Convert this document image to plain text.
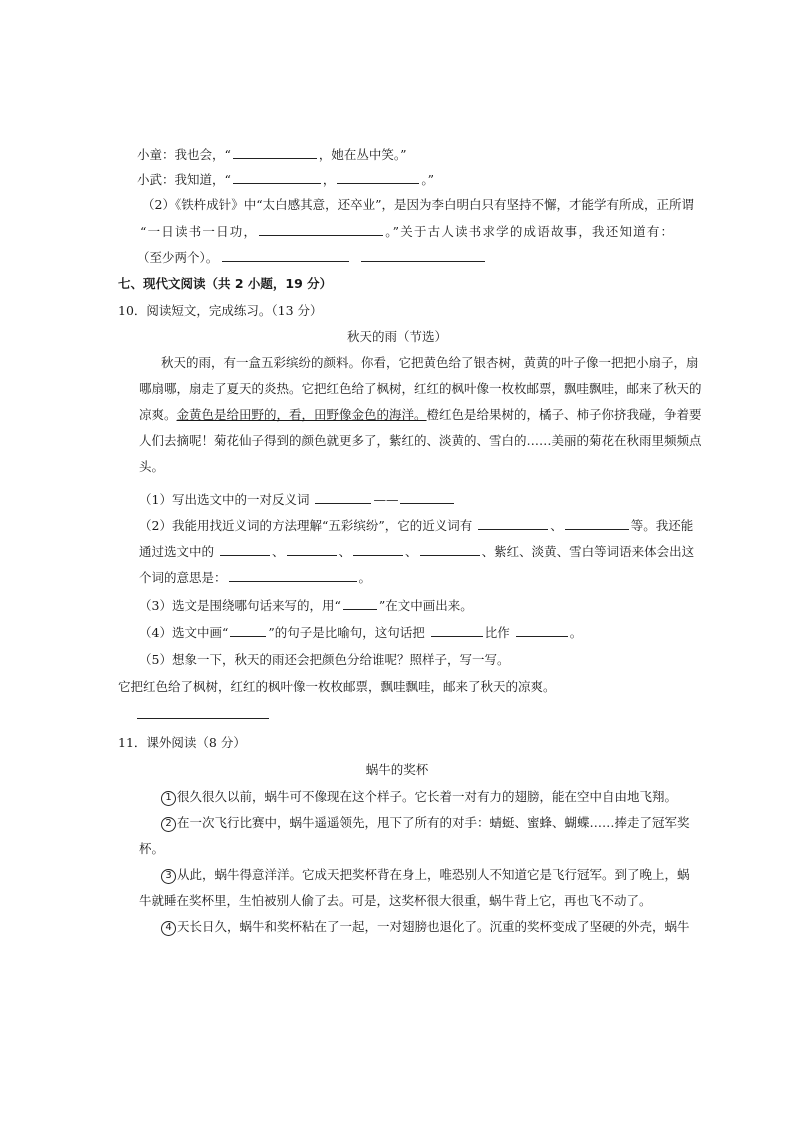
小童：我也会，“	，她在丛中笑。”
小武：我知道，“	，	。”
（2）《铁杵成针》中“太白感其意，还卒业”，是因为李白明白只有坚持不懈，才能学有所成，正所谓
“一日读书一日功，	。”关于古人读书求学的成语故事，我还知道有：
（至少两个）。
七、现代文阅读（共 2 小题，19 分）
10．阅读短文，完成练习。（13 分）
秋天的雨（节选）
秋天的雨，有一盒五彩缤纷的颜料。你看，它把黄色给了银杏树，黄黄的叶子像一把把小扇子，扇
哪扇哪，扇走了夏天的炎热。它把红色给了枫树，红红的枫叶像一枚枚邮票，飘哇飘哇，邮来了秋天的
凉爽。金黄色是给田野的，看，田野像金色的海洋。橙红色是给果树的，橘子、柿子你挤我碰，争着要
人们去摘呢！菊花仙子得到的颜色就更多了，紫红的、淡黄的、雪白的……美丽的菊花在秋雨里频频点
头。
（1）写出选文中的一对反义词	——
（2）我能用找近义词的方法理解“五彩缤纷”，它的近义词有	、	等。我还能
通过选文中的	、	、	、	、紫红、淡黄、雪白等词语来体会出这
个词的意思是：	。
（3）选文是围绕哪句话来写的，用“	”在文中画出来。
（4）选文中画“	”的句子是比喻句，这句话把	比作	。
（5）想象一下，秋天的雨还会把颜色分给谁呢？照样子，写一写。
它把红色给了枫树，红红的枫叶像一枚枚邮票，飘哇飘哇，邮来了秋天的凉爽。
11．课外阅读（8 分）
蜗牛的奖杯
1 很久很久以前，蜗牛可不像现在这个样子。它长着一对有力的翅膀，能在空中自由地飞翔。
2 在一次飞行比赛中，蜗牛遥遥领先，甩下了所有的对手：蜻蜓、蜜蜂、蝴蝶……捧走了冠军奖
杯。
3 从此，蜗牛得意洋洋。它成天把奖杯背在身上，唯恐别人不知道它是飞行冠军。到了晚上，蜗
牛就睡在奖杯里，生怕被别人偷了去。可是，这奖杯很大很重，蜗牛背上它，再也飞不动了。
4 天长日久，蜗牛和奖杯粘在了一起，一对翅膀也退化了。沉重的奖杯变成了坚硬的外壳，蜗牛
